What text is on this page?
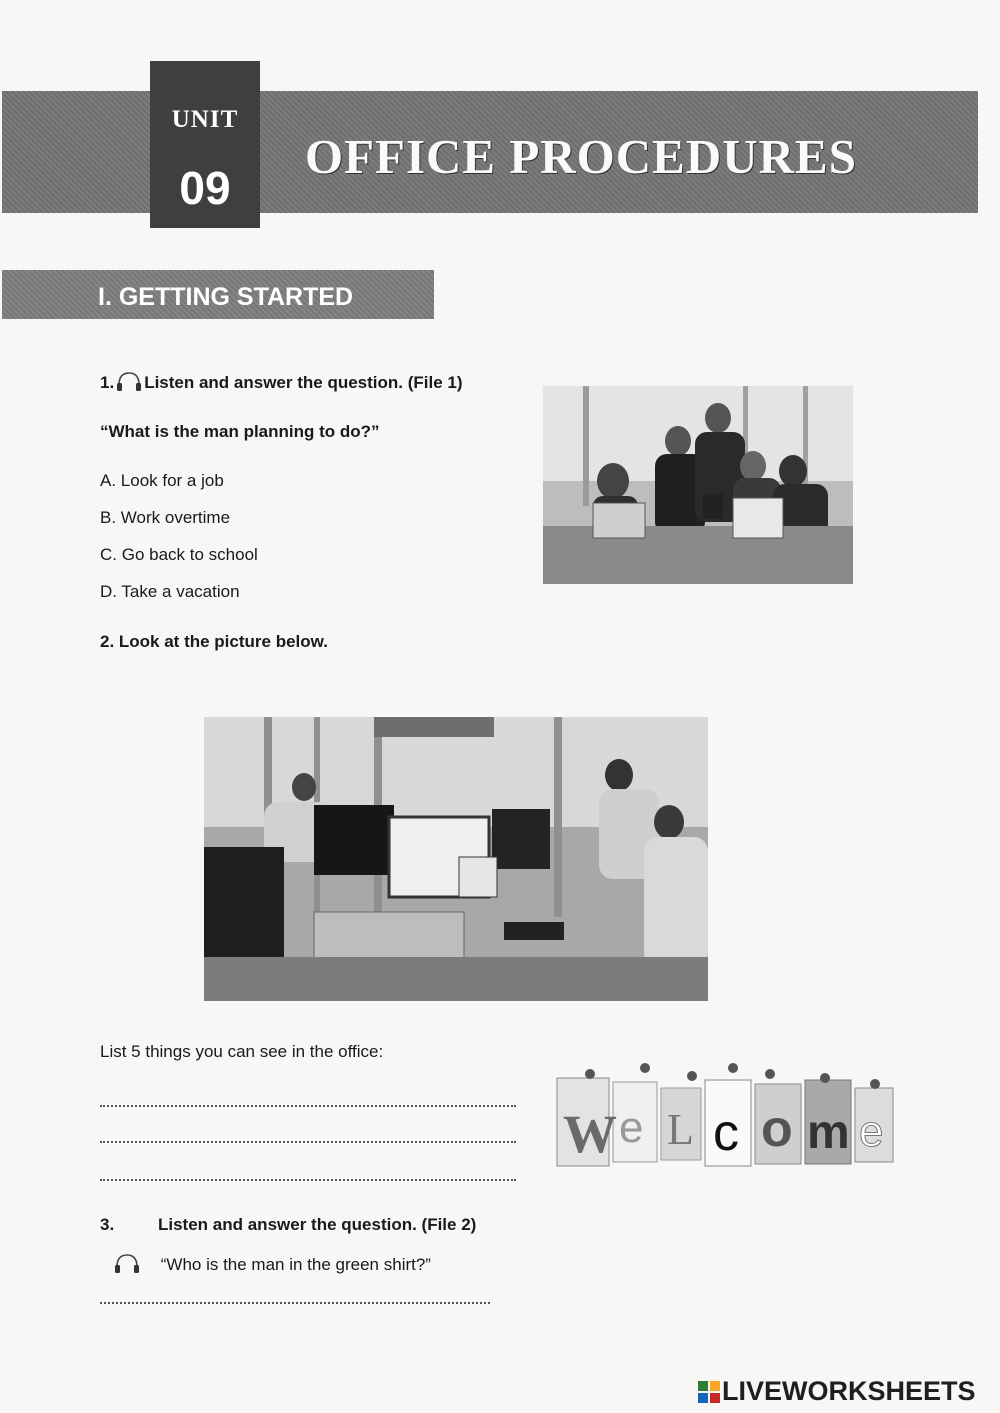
UNIT
09
OFFICE PROCEDURES
I. GETTING STARTED
1. Listen and answer the question. (File 1)
“What is the man planning to do?”
A. Look for a job
B. Work overtime
C. Go back to school
D. Take a vacation
2. Look at the picture below.
List 5 things you can see in the office:
W e L c o m e
3.	Listen and answer the question. (File 2)
“Who is the man in the green shirt?”
LIVEWORKSHEETS
